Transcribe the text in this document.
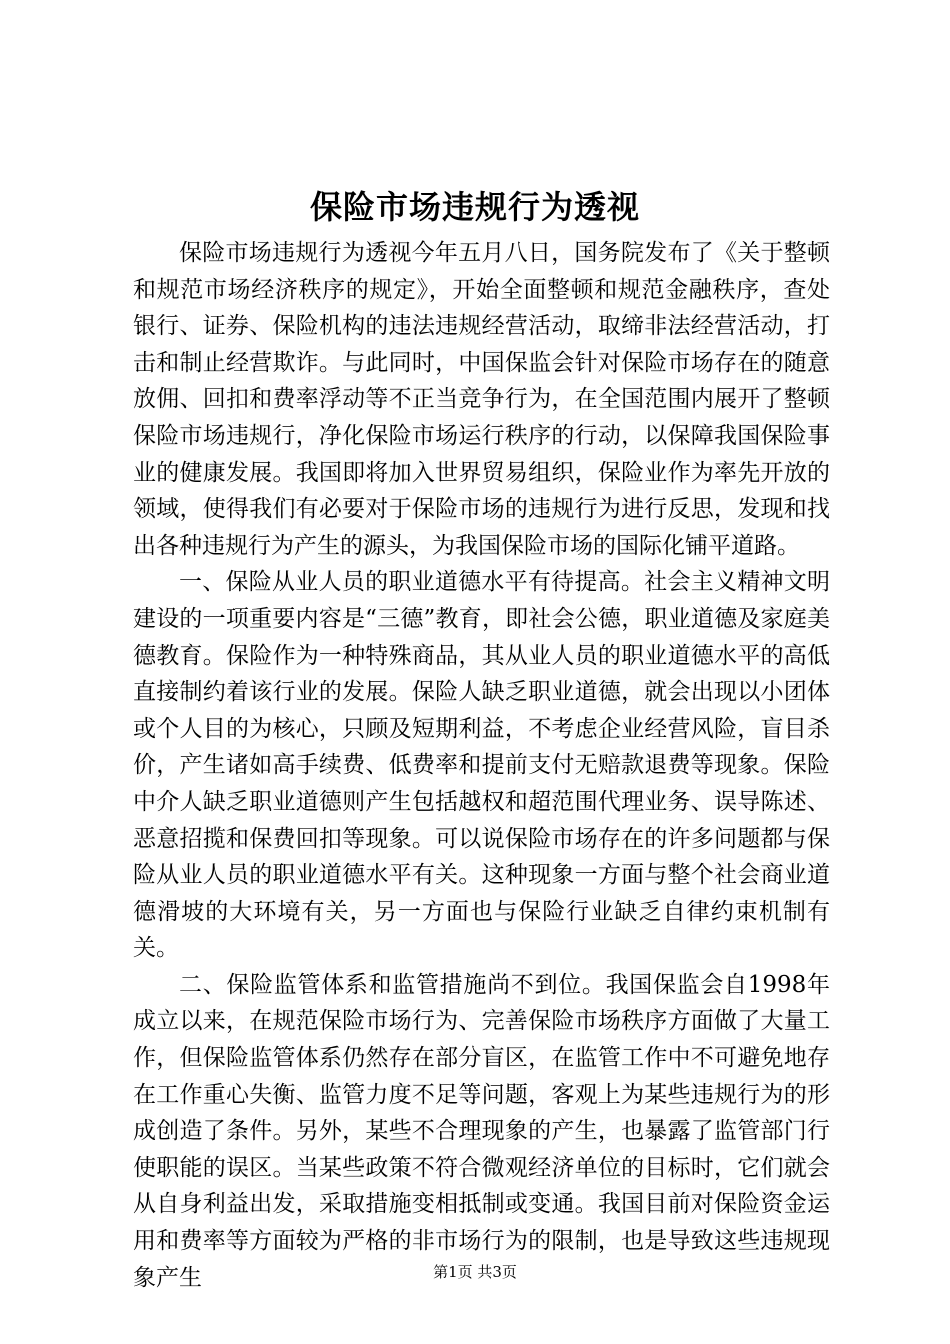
保险市场违规行为透视

保险市场违规行为透视今年五月八日，国务院发布了《关于整顿和规范市场经济秩序的规定》，开始全面整顿和规范金融秩序，查处银行、证券、保险机构的违法违规经营活动，取缔非法经营活动，打击和制止经营欺诈。与此同时，中国保监会针对保险市场存在的随意放佣、回扣和费率浮动等不正当竞争行为，在全国范围内展开了整顿保险市场违规行，净化保险市场运行秩序的行动，以保障我国保险事业的健康发展。我国即将加入世界贸易组织，保险业作为率先开放的领域，使得我们有必要对于保险市场的违规行为进行反思，发现和找出各种违规行为产生的源头，为我国保险市场的国际化铺平道路。

一、保险从业人员的职业道德水平有待提高。社会主义精神文明建设的一项重要内容是“三德”教育，即社会公德，职业道德及家庭美德教育。保险作为一种特殊商品，其从业人员的职业道德水平的高低直接制约着该行业的发展。保险人缺乏职业道德，就会出现以小团体或个人目的为核心，只顾及短期利益，不考虑企业经营风险，盲目杀价，产生诸如高手续费、低费率和提前支付无赔款退费等现象。保险中介人缺乏职业道德则产生包括越权和超范围代理业务、误导陈述、恶意招揽和保费回扣等现象。可以说保险市场存在的许多问题都与保险从业人员的职业道德水平有关。这种现象一方面与整个社会商业道德滑坡的大环境有关，另一方面也与保险行业缺乏自律约束机制有关。

二、保险监管体系和监管措施尚不到位。我国保监会自1998年成立以来，在规范保险市场行为、完善保险市场秩序方面做了大量工作，但保险监管体系仍然存在部分盲区，在监管工作中不可避免地存在工作重心失衡、监管力度不足等问题，客观上为某些违规行为的形成创造了条件。另外，某些不合理现象的产生，也暴露了监管部门行使职能的误区。当某些政策不符合微观经济单位的目标时，它们就会从自身利益出发，采取措施变相抵制或变通。我国目前对保险资金运用和费率等方面较为严格的非市场行为的限制，也是导致这些违规现象产生	第1页 共3页
